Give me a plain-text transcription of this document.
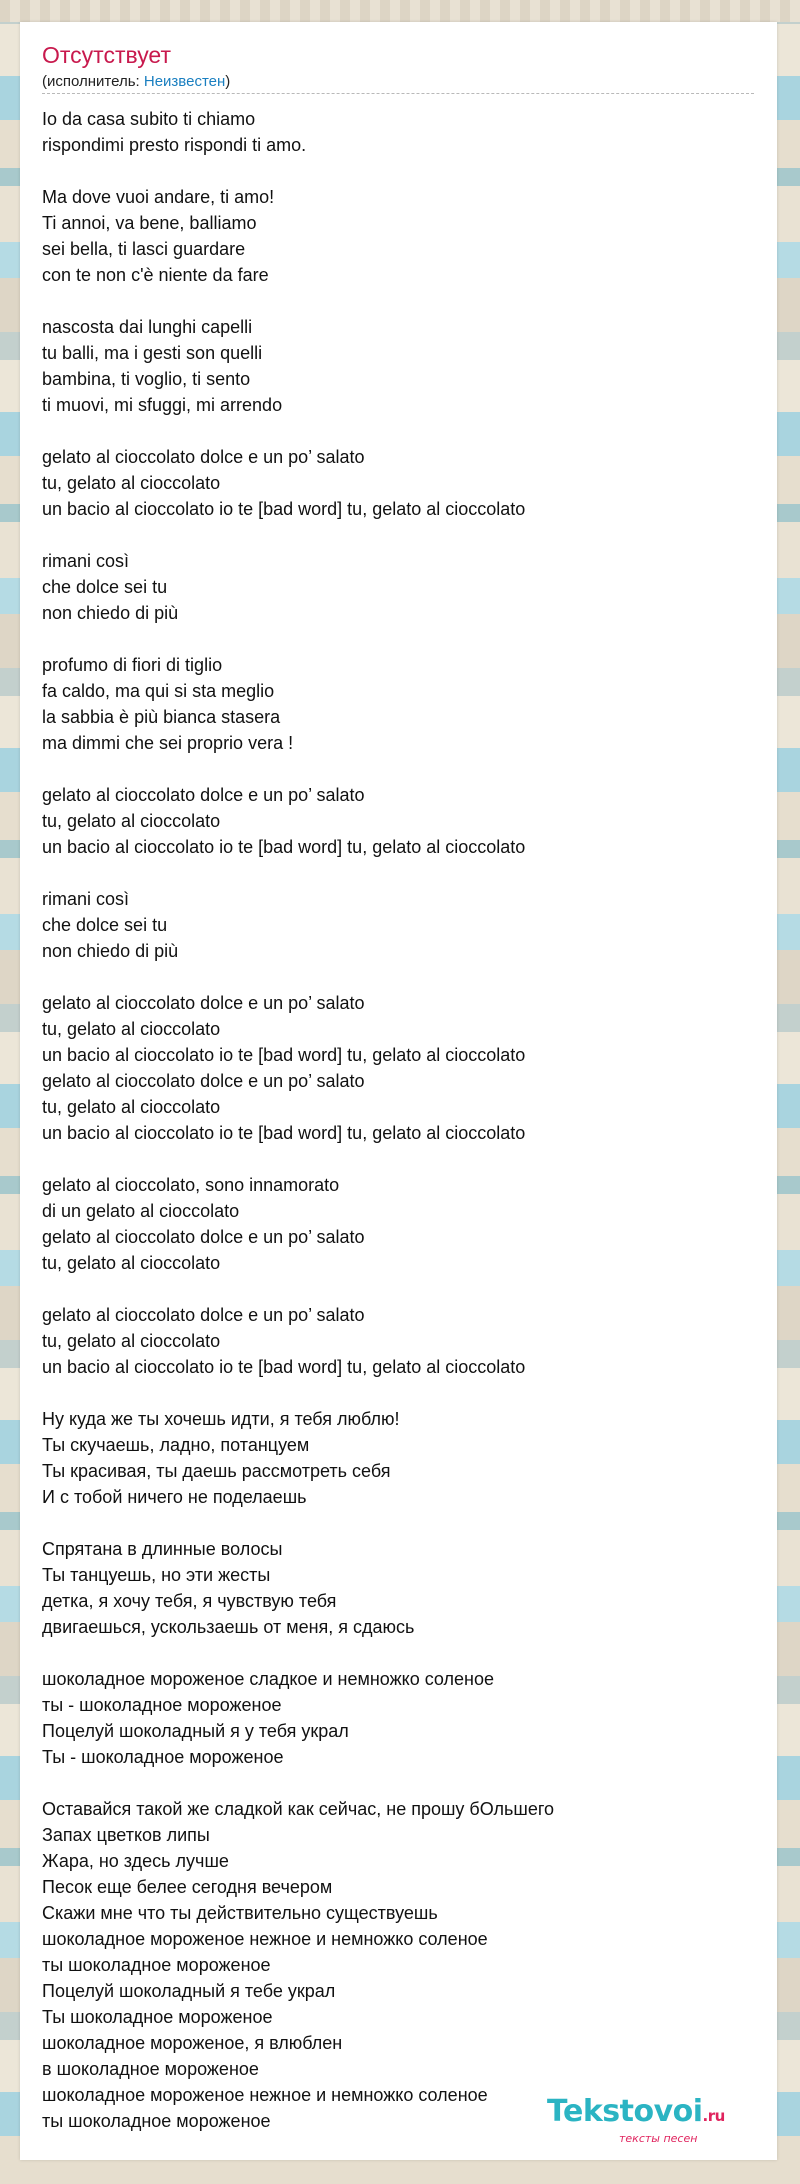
Отсутствует
(исполнитель: Неизвестен)
Io da casa subito ti chiamo
rispondimi presto rispondi ti amo.
Ma dove vuoi andare, ti amo!
Ti annoi, va bene, balliamo
sei bella, ti lasci guardare
con te non c'è niente da fare
nascosta dai lunghi capelli
tu balli, ma i gesti son quelli
bambina, ti voglio, ti sento
ti muovi, mi sfuggi, mi arrendo
gelato al cioccolato dolce e un po’ salato
tu, gelato al cioccolato
un bacio al cioccolato io te [bad word] tu, gelato al cioccolato
rimani così
che dolce sei tu
non chiedo di più
profumo di fiori di tiglio
fa caldo, ma qui si sta meglio
la sabbia è più bianca stasera
ma dimmi che sei proprio vera !
gelato al cioccolato dolce e un po’ salato
tu, gelato al cioccolato
un bacio al cioccolato io te [bad word] tu, gelato al cioccolato
rimani così
che dolce sei tu
non chiedo di più
gelato al cioccolato dolce e un po’ salato
tu, gelato al cioccolato
un bacio al cioccolato io te [bad word] tu, gelato al cioccolato
gelato al cioccolato dolce e un po’ salato
tu, gelato al cioccolato
un bacio al cioccolato io te [bad word] tu, gelato al cioccolato
gelato al cioccolato, sono innamorato
di un gelato al cioccolato
gelato al cioccolato dolce e un po’ salato
tu, gelato al cioccolato
gelato al cioccolato dolce e un po’ salato
tu, gelato al cioccolato
un bacio al cioccolato io te [bad word] tu, gelato al cioccolato
Ну куда же ты хочешь идти, я тебя люблю!
Ты скучаешь, ладно, потанцуем
Ты красивая, ты даешь рассмотреть себя
И с тобой ничего не поделаешь
Спрятана в длинные волосы
Ты танцуешь, но эти жесты
детка, я хочу тебя, я чувствую тебя
двигаешься, ускользаешь от меня, я сдаюсь
шоколадное мороженое сладкое и немножко соленое
ты - шоколадное мороженое
Поцелуй шоколадный я у тебя украл
Ты - шоколадное мороженое
Оставайся такой же сладкой как сейчас, не прошу бОльшего
Запах цветков липы
Жара, но здесь лучше
Песок еще белее сегодня вечером
Скажи мне что ты действительно существуешь
шоколадное мороженое нежное и немножко соленое
ты шоколадное мороженое
Поцелуй шоколадный я тебе украл
Ты шоколадное мороженое
шоколадное мороженое, я влюблен
в шоколадное мороженое
шоколадное мороженое нежное и немножко соленое
ты шоколадное мороженое	Tekstovoi.ru
тексты песен
